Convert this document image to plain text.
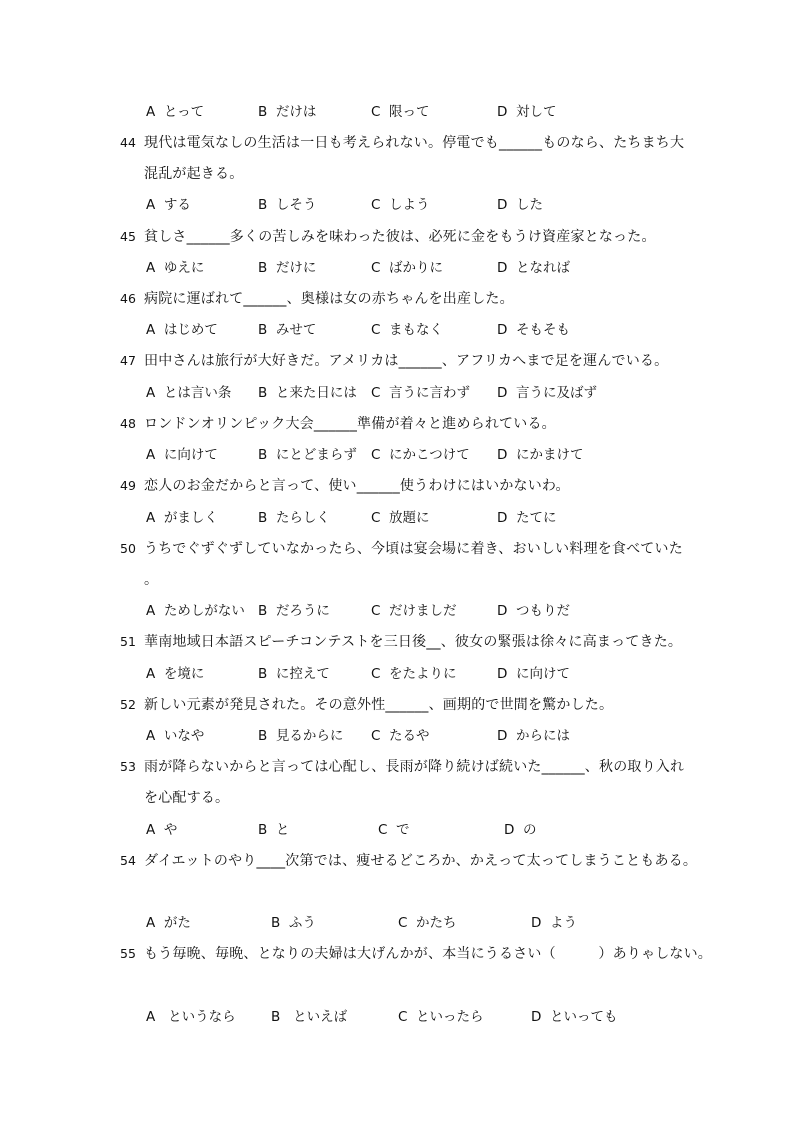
A とって	B だけは	C 限って	D 対して
44 現代は電気なしの生活は一日も考えられない。停電でも______ものなら、たちまち大
混乱が起きる。
A する	B しそう	C しよう	D した
45 貧しさ______多くの苦しみを味わった彼は、必死に金をもうけ資産家となった。
A ゆえに	B だけに	C ばかりに	D となれば
46 病院に運ばれて______、奥様は女の赤ちゃんを出産した。
A はじめて	B みせて	C まもなく	D そもそも
47 田中さんは旅行が大好きだ。アメリカは______、アフリカへまで足を運んでいる。
A とは言い条 B と来た日には C 言うに言わず D 言うに及ばず
48 ロンドンオリンピック大会______準備が着々と進められている。
A に向けて	B にとどまらず C にかこつけて D にかまけて
49 恋人のお金だからと言って、使い______使うわけにはいかないわ。
A がましく	B たらしく	C 放題に	D たてに
50 うちでぐずぐずしていなかったら、今頃は宴会場に着き、おいしい料理を食べていた
。
A ためしがない B だろうに	C だけましだ	D つもりだ
51 華南地域日本語スピーチコンテストを三日後__、彼女の緊張は徐々に高まってきた。
A を境に	B に控えて	C をたよりに	D に向けて
52 新しい元素が発見された。その意外性______、画期的で世間を驚かした。
A いなや	B 見るからに C たるや	D からには
53 雨が降らないからと言っては心配し、長雨が降り続けば続いた______、秋の取り入れ
を心配する。
A や	B と	C で	D の
54 ダイエットのやり____次第では、痩せるどころか、かえって太ってしまうこともある。
A がた	B ふう	C かたち	D よう
55 もう毎晩、毎晩、となりの夫婦は大げんかが、本当にうるさい（　　　）ありゃしない。
A というなら	B といえば	C といったら	D といっても
